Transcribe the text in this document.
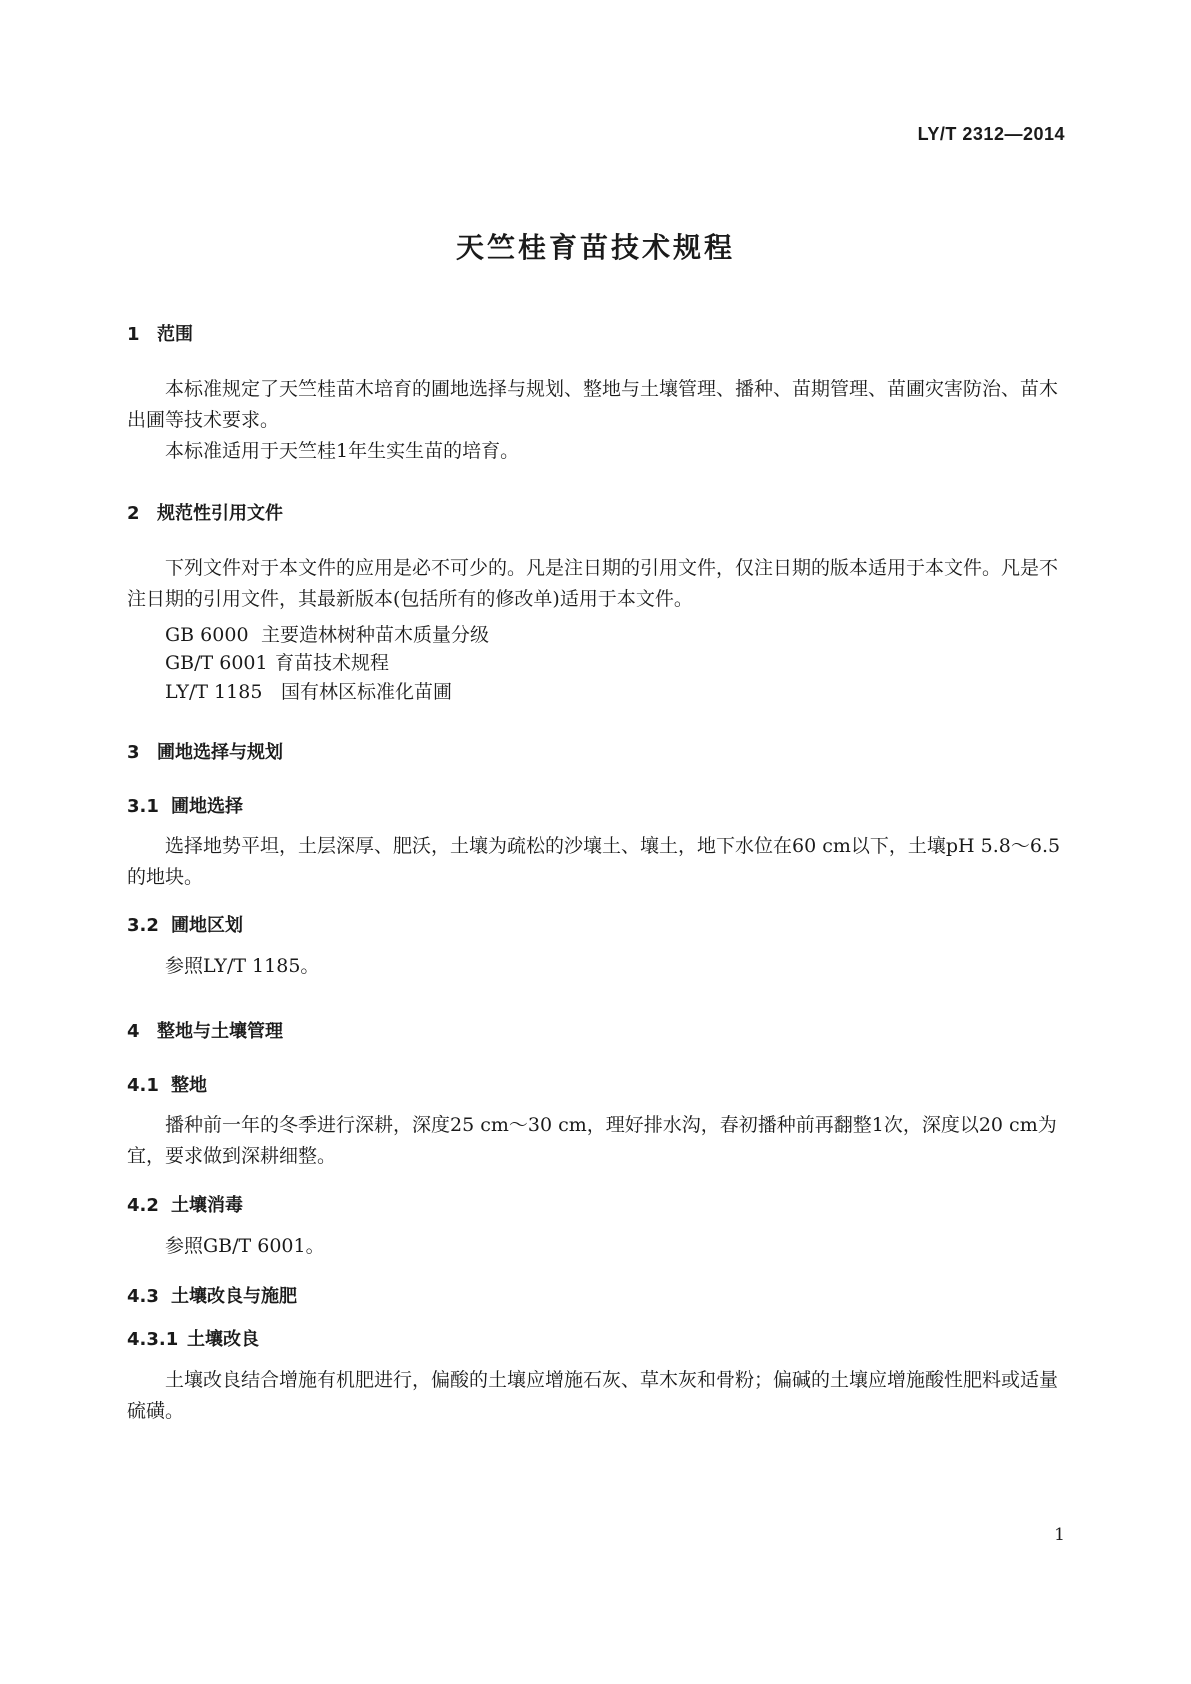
LY/T 2312—2014
天竺桂育苗技术规程
1 范围
本标准规定了天竺桂苗木培育的圃地选择与规划、整地与土壤管理、播种、苗期管理、苗圃灾害防治、苗木出圃等技术要求。
本标准适用于天竺桂1年生实生苗的培育。
2 规范性引用文件
下列文件对于本文件的应用是必不可少的。凡是注日期的引用文件，仅注日期的版本适用于本文件。凡是不注日期的引用文件，其最新版本(包括所有的修改单)适用于本文件。
GB 6000 主要造林树种苗木质量分级
GB/T 6001 育苗技术规程
LY/T 1185 国有林区标准化苗圃
3 圃地选择与规划
3.1 圃地选择
选择地势平坦，土层深厚、肥沃，土壤为疏松的沙壤土、壤土，地下水位在60 cm以下，土壤pH 5.8～6.5的地块。
3.2 圃地区划
参照LY/T 1185。
4 整地与土壤管理
4.1 整地
播种前一年的冬季进行深耕，深度25 cm～30 cm，理好排水沟，春初播种前再翻整1次，深度以20 cm为宜，要求做到深耕细整。
4.2 土壤消毒
参照GB/T 6001。
4.3 土壤改良与施肥
4.3.1 土壤改良
土壤改良结合增施有机肥进行，偏酸的土壤应增施石灰、草木灰和骨粉；偏碱的土壤应增施酸性肥料或适量硫磺。
1
